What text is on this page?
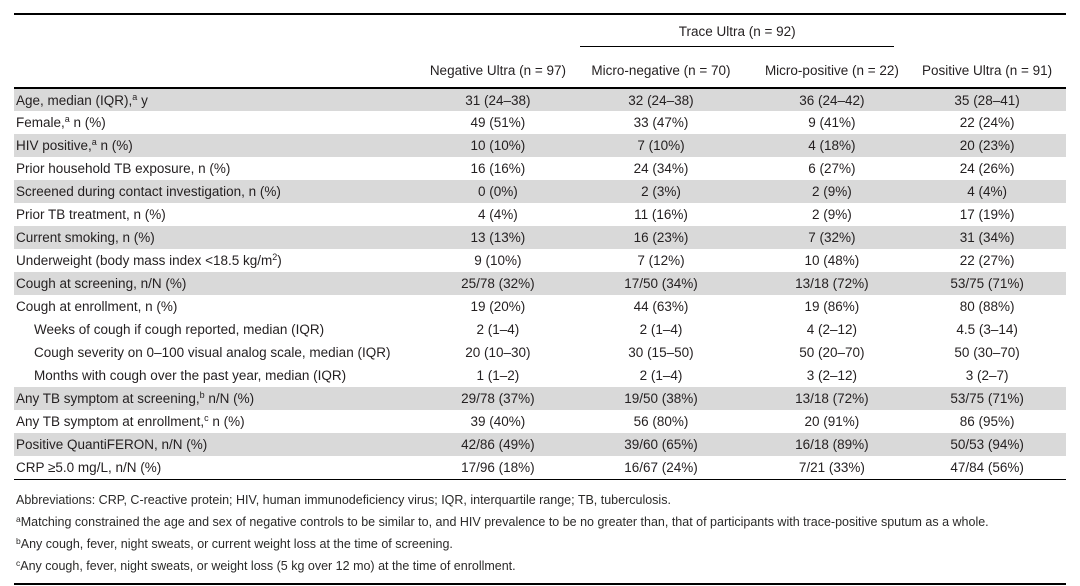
		Trace Ultra (n = 92)		

	Negative Ultra (n = 97)	Micro-negative (n = 70)	Micro-positive (n = 22)	Positive Ultra (n = 91)
Age, median (IQR),$^a$ y	31 (24–38)	32 (24–38)	36 (24–42)	35 (28–41)
Female,$^a$ n (%)	49 (51%)	33 (47%)	9 (41%)	22 (24%)
HIV positive,$^a$ n (%)	10 (10%)	7 (10%)	4 (18%)	20 (23%)
Prior household TB exposure, n (%)	16 (16%)	24 (34%)	6 (27%)	24 (26%)
Screened during contact investigation, n (%)	0 (0%)	2 (3%)	2 (9%)	4 (4%)
Prior TB treatment, n (%)	4 (4%)	11 (16%)	2 (9%)	17 (19%)
Current smoking, n (%)	13 (13%)	16 (23%)	7 (32%)	31 (34%)
Underweight (body mass index <18.5 $kg/m^2$)	9 (10%)	7 (12%)	10 (48%)	22 (27%)
Cough at screening, n/N (%)	25/78 (32%)	17/50 (34%)	13/18 (72%)	53/75 (71%)
Cough at enrollment, n (%)	19 (20%)	44 (63%)	19 (86%)	80 (88%)
Weeks of cough if cough reported, median (IQR)	2 (1–4)	2 (1–4)	4 (2–12)	4.5 (3–14)
Cough severity on 0–100 visual analog scale, median (IQR)	20 (10–30)	30 (15–50)	50 (20–70)	50 (30–70)
Months with cough over the past year, median (IQR)	1 (1–2)	2 (1–4)	3 (2–12)	3 (2–7)
Any TB symptom at screening,$^b$ n/N (%)	29/78 (37%)	19/50 (38%)	13/18 (72%)	53/75 (71%)
Any TB symptom at enrollment,$^c$ n (%)	39 (40%)	56 (80%)	20 (91%)	86 (95%)
Positive QuantiFERON, n/N (%)	42/86 (49%)	39/60 (65%)	16/18 (89%)	50/53 (94%)
CRP ≥5.0 mg/L, n/N (%)	17/96 (18%)	16/67 (24%)	7/21 (33%)	47/84 (56%)
Abbreviations: CRP, C-reactive protein; HIV, human immunodeficiency virus; IQR, interquartile range; TB, tuberculosis.
$^a$Matching constrained the age and sex of negative controls to be similar to, and HIV prevalence to be no greater than, that of participants with trace-positive sputum as a whole.
$^b$Any cough, fever, night sweats, or current weight loss at the time of screening.
$^c$Any cough, fever, night sweats, or weight loss (5 kg over 12 mo) at the time of enrollment.
